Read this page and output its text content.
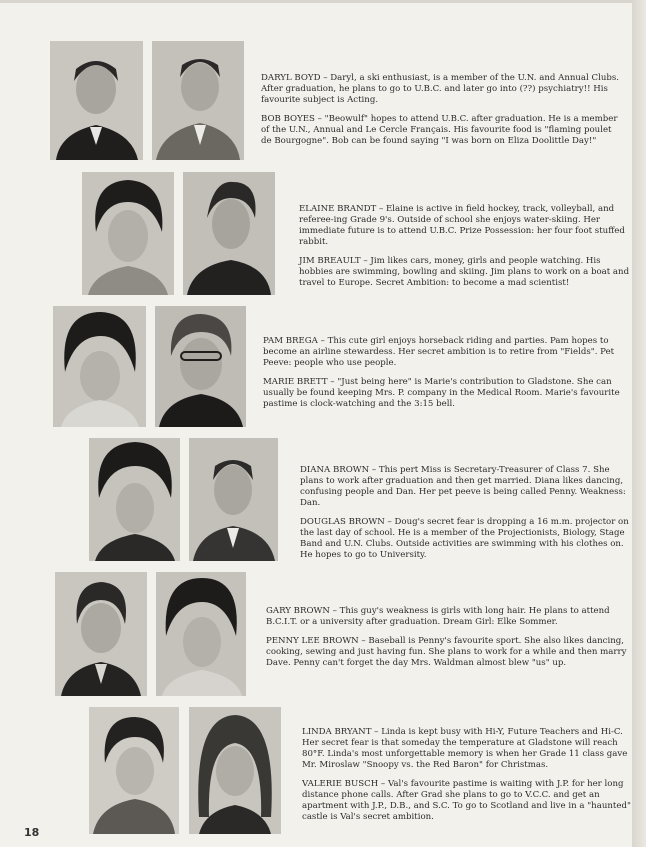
DARYL BOYD – Daryl, a ski enthusiast, is a member of the U.N. and Annual Clubs. After graduation, he plans to go to U.B.C. and later go into (??) psychiatry!! His favourite subject is Acting.

BOB BOYES – "Beowulf" hopes to attend U.B.C. after graduation. He is a member of the U.N., Annual and Le Cercle Français. His favourite food is "flaming poulet de Bourgogne". Bob can be found saying "I was born on Eliza Doolittle Day!"

ELAINE BRANDT – Elaine is active in field hockey, track, volleyball, and referee-ing Grade 9's. Outside of school she enjoys water-skiing. Her immediate future is to attend U.B.C. Prize Possession: her four foot stuffed rabbit.

JIM BREAULT – Jim likes cars, money, girls and people watching. His hobbies are swimming, bowling and skiing. Jim plans to work on a boat and travel to Europe. Secret Ambition: to become a mad scientist!

PAM BREGA – This cute girl enjoys horseback riding and parties. Pam hopes to become an airline stewardess. Her secret ambition is to retire from "Fields". Pet Peeve: people who use people.

MARIE BRETT – "Just being here" is Marie's contribution to Gladstone. She can usually be found keeping Mrs. P. company in the Medical Room. Marie's favourite pastime is clock-watching and the 3:15 bell.

DIANA BROWN – This pert Miss is Secretary-Treasurer of Class 7. She plans to work after graduation and then get married. Diana likes dancing, confusing people and Dan. Her pet peeve is being called Penny. Weakness: Dan.

DOUGLAS BROWN – Doug's secret fear is dropping a 16 m.m. projector on the last day of school. He is a member of the Projectionists, Biology, Stage Band and U.N. Clubs. Outside activities are swimming with his clothes on. He hopes to go to University.

GARY BROWN – This guy's weakness is girls with long hair. He plans to attend B.C.I.T. or a university after graduation. Dream Girl: Elke Sommer.

PENNY LEE BROWN – Baseball is Penny's favourite sport. She also likes dancing, cooking, sewing and just having fun. She plans to work for a while and then marry Dave. Penny can't forget the day Mrs. Waldman almost blew "us" up.

LINDA BRYANT – Linda is kept busy with Hi-Y, Future Teachers and Hi-C. Her secret fear is that someday the temperature at Gladstone will reach 80°F. Linda's most unforgettable memory is when her Grade 11 class gave Mr. Miroslaw "Snoopy vs. the Red Baron" for Christmas.

VALERIE BUSCH – Val's favourite pastime is waiting with J.P. for her long distance phone calls. After Grad she plans to go to V.C.C. and get an apartment with J.P., D.B., and S.C. To go to Scotland and live in a "haunted" castle is Val's secret ambition.

18
